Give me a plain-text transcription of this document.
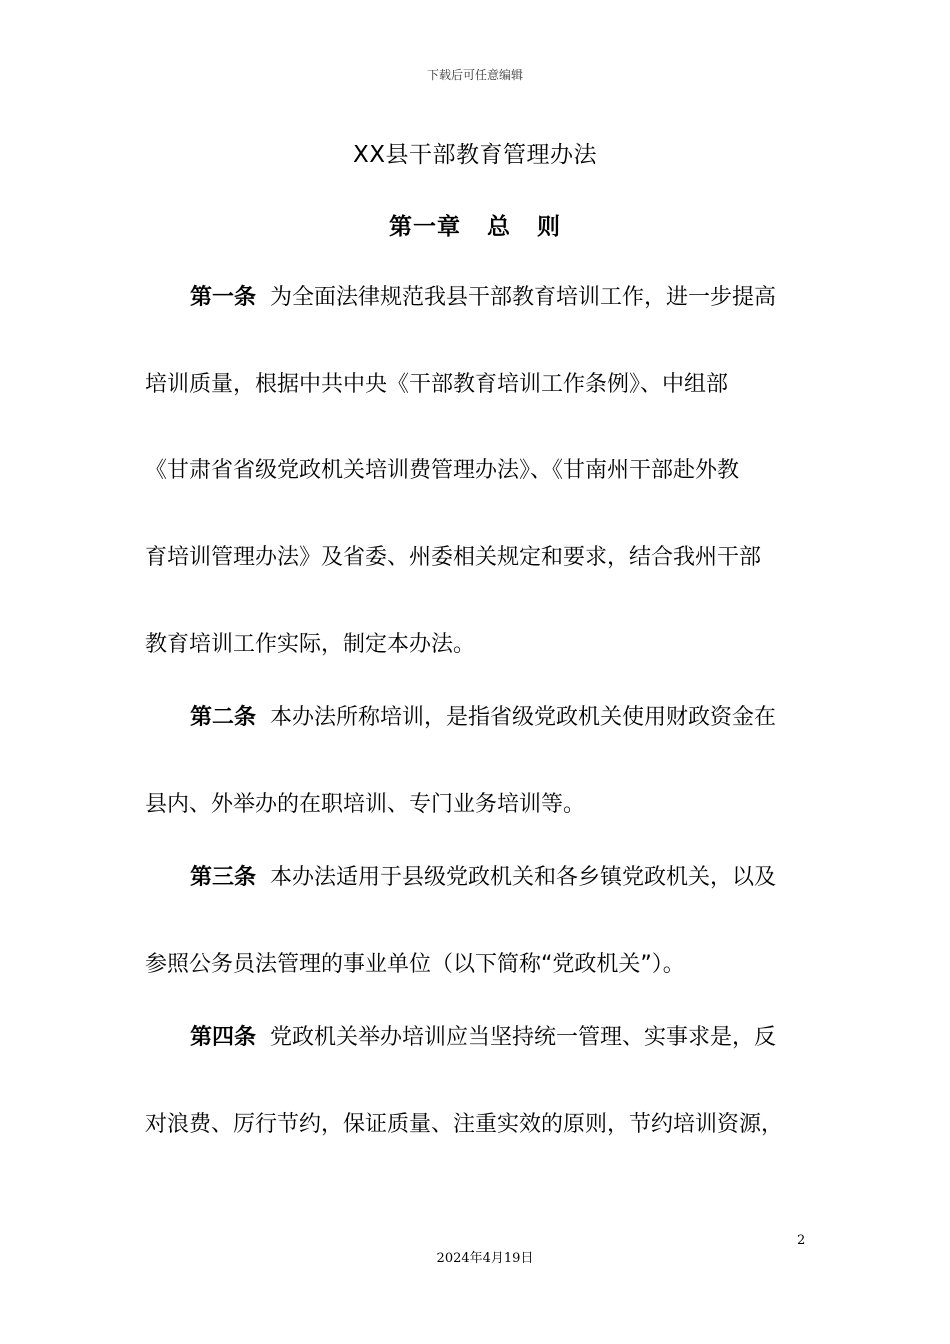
下载后可任意编辑
XX县干部教育管理办法
第一章 总 则
第一条 为全面法律规范我县干部教育培训工作，进一步提高
培训质量，根据中共中央《干部教育培训工作条例》、中组部
《甘肃省省级党政机关培训费管理办法》、《甘南州干部赴外教
育培训管理办法》及省委、州委相关规定和要求，结合我州干部
教育培训工作实际，制定本办法。
第二条 本办法所称培训，是指省级党政机关使用财政资金在
县内、外举办的在职培训、专门业务培训等。
第三条 本办法适用于县级党政机关和各乡镇党政机关，以及
参照公务员法管理的事业单位（以下简称“党政机关”）。
第四条 党政机关举办培训应当坚持统一管理、实事求是，反
对浪费、厉行节约，保证质量、注重实效的原则，节约培训资源，
2
2024年4月19日
